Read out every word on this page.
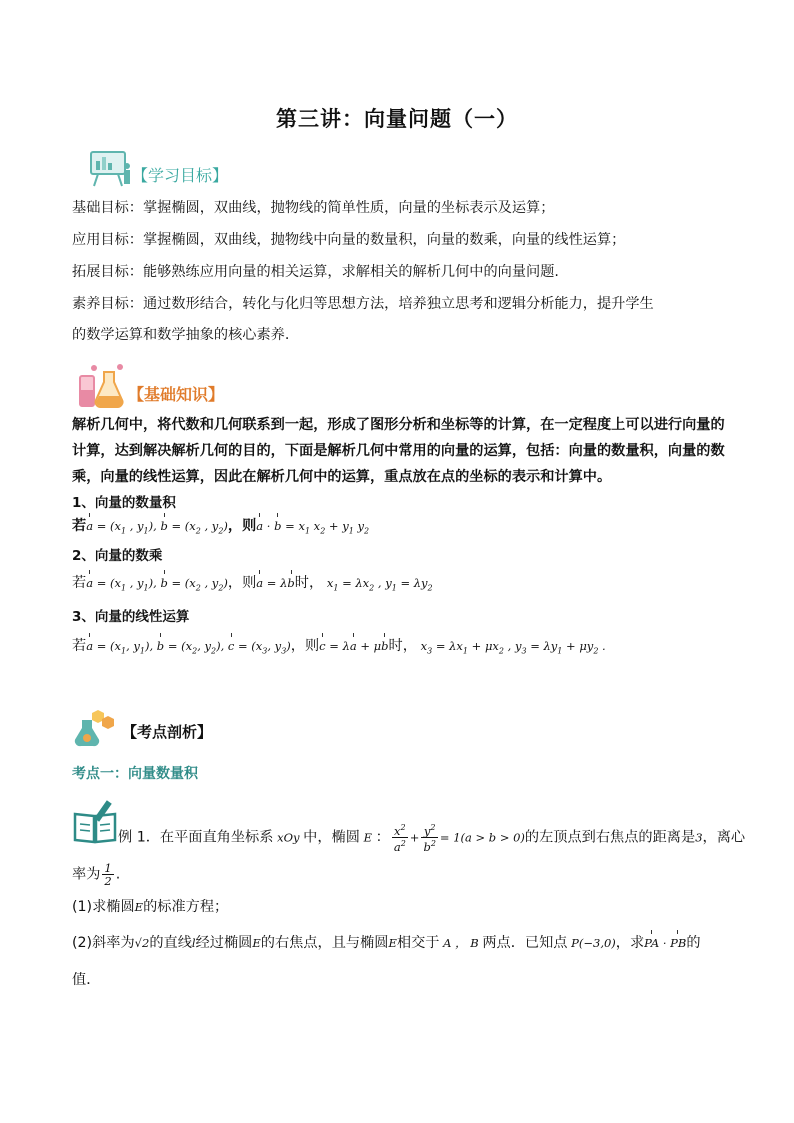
第三讲：向量问题（一）
【学习目标】
基础目标：掌握椭圆，双曲线，抛物线的简单性质，向量的坐标表示及运算；
应用目标：掌握椭圆，双曲线，抛物线中向量的数量积，向量的数乘，向量的线性运算；
拓展目标：能够熟练应用向量的相关运算，求解相关的解析几何中的向量问题.
素养目标：通过数形结合，转化与化归等思想方法，培养独立思考和逻辑分析能力，提升学生
的数学运算和数学抽象的核心素养.
【基础知识】
解析几何中，将代数和几何联系到一起，形成了图形分析和坐标等的计算，在一定程度上可以进行向量的
计算，达到解决解析几何的目的，下面是解析几何中常用的向量的运算，包括：向量的数量积，向量的数
乘，向量的线性运算，因此在解析几何中的运算，重点放在点的坐标的表示和计算中。
1、向量的数量积
若$a = (x_1$ , $y_1$), $b = (x_2$ , $y_2$)，则$a \cdot b = x_1$ $x_2 + y_1$ $y_2$
2、向量的数乘
若$a = (x_1$ , $y_1$), $b = (x_2$ , $y_2$)，则a = λb时， $x_1 = \lambda x_2$ , $y_1 = \lambda y_2$
3、向量的线性运算
若$a = (x_1$, $y_1$), $b = (x_2$, $y_2$), $c = (x_3$, $y_3$)，则c = λa + μb时， $x_3 = \lambda x_1 + \mu x_2$ , $y_3 = \lambda y_1 + \mu y_2$ .
【考点剖析】
考点一：向量数量积
例 1．在平面直角坐标系 xOy 中，椭圆 E ： $\frac{x^2}{a^2} + \frac{y^2}{b^2} = 1(a > b > 0)$的左顶点到右焦点的距离是3，离心
率为 $\frac{1}{2}$ .
(1)求椭圆E的标准方程；
(2)斜率为√2的直线l经过椭圆E的右焦点，且与椭圆E相交于 A ， B 两点．已知点 P(−3,0)，求PA · PB的
值．
